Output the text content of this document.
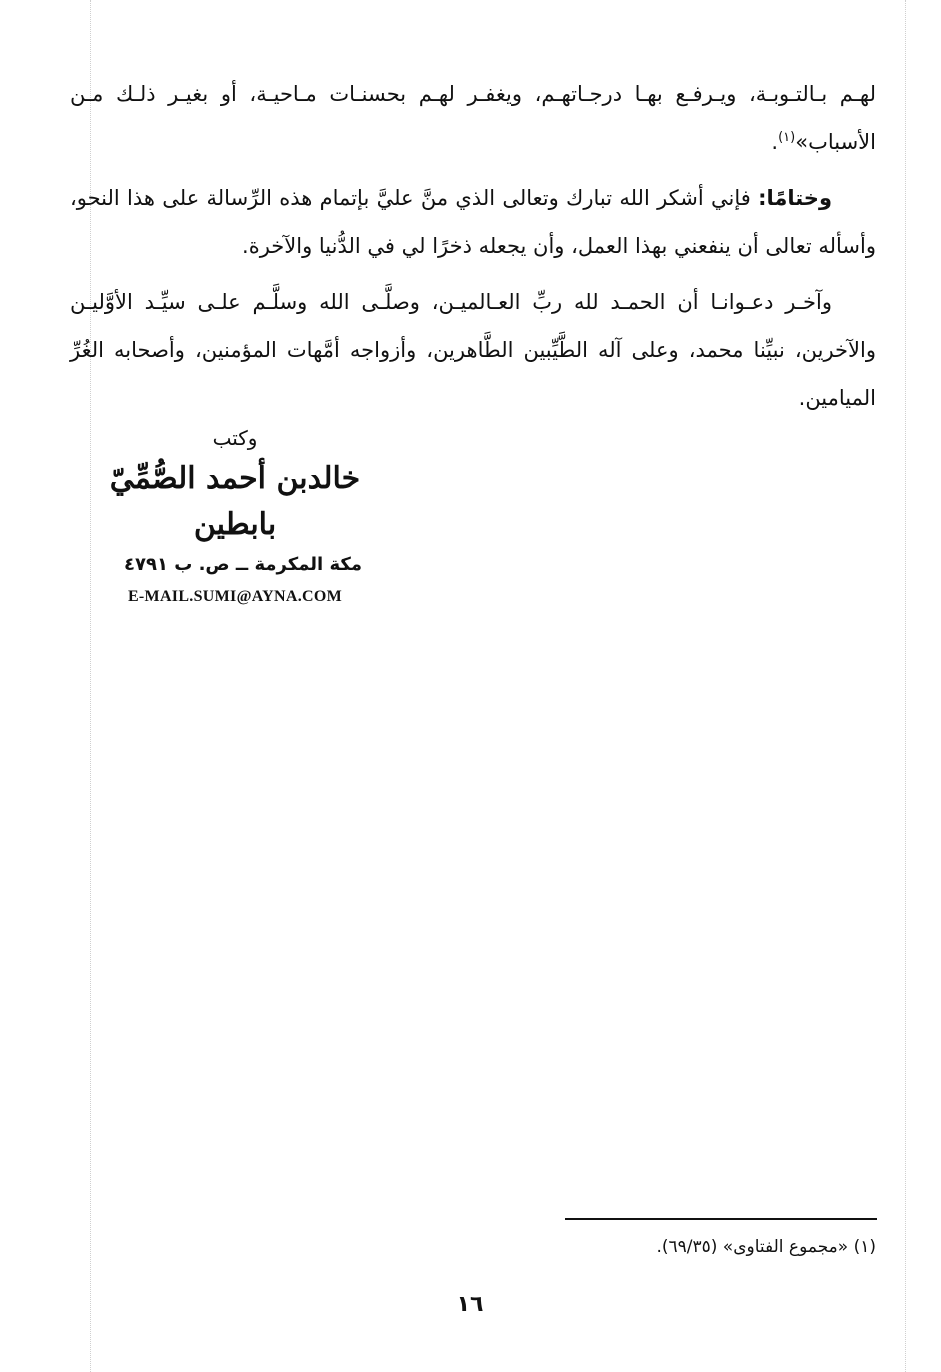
لهـم بـالتـوبـة، ويـرفـع بهـا درجـاتهـم، ويغفـر لهـم بحسنـات مـاحيـة، أو بغيـر ذلـك مـن الأسباب»$^{(١)}$.

وختامًا: فإني أشكر الله تبارك وتعالى الذي منَّ عليَّ بإتمام هذه الرِّسالة على هذا النحو، وأسأله تعالى أن ينفعني بهذا العمل، وأن يجعله ذخرًا لي في الدُّنيا والآخرة.

وآخـر دعـوانـا أن الحمـد لله ربِّ العـالميـن، وصلَّـى الله وسلَّـم علـى سيِّـد الأوَّليـن والآخرين، نبيِّنا محمد، وعلى آله الطَّيِّبين الطَّاهرين، وأزواجه أمَّهات المؤمنين، وأصحابه الغُرِّ الميامين.

وكتب
خالدبن أحمد الصُّمِّيّ بابطين
مكة المكرمة ــ ص. ب ٤٧٩١
E-MAIL.SUMI@AYNA.COM
(١) «مجموع الفتاوى» (٦٩/٣٥).
١٦
